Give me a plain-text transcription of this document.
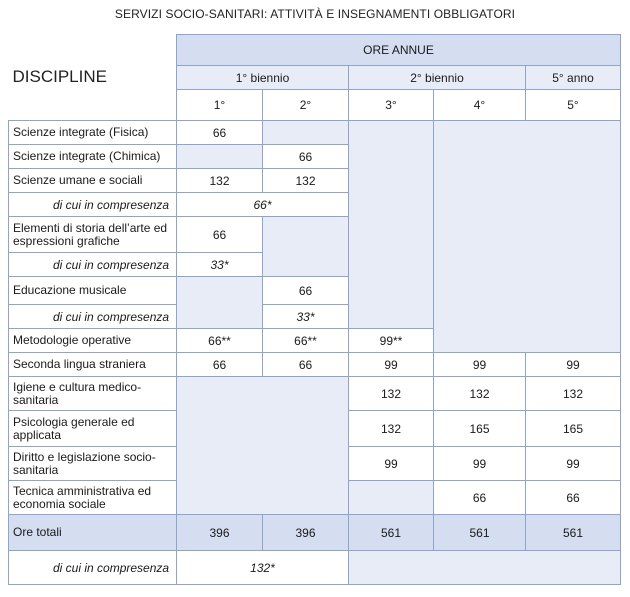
SERVIZI SOCIO-SANITARI: ATTIVITÀ E INSEGNAMENTI OBBLIGATORI
DISCIPLINE	ORE ANNUE				
	1° biennio		2° biennio		5° anno
	1°	2°	3°	4°	5°
Scienze integrate (Fisica)	66				
Scienze integrate (Chimica)		66			
Scienze umane e sociali	132	132			
di cui in compresenza	66*				
Elementi di storia dell’arte ed espressioni grafiche	66				
di cui in compresenza	33*				
Educazione musicale		66			
di cui in compresenza		33*			
Metodologie operative	66**	66**	99**		
Seconda lingua straniera	66	66	99	99	99
Igiene e cultura medico-sanitaria			132	132	132
Psicologia generale ed applicata			132	165	165
Diritto e legislazione socio-sanitaria			99	99	99
Tecnica amministrativa ed economia sociale				66	66
Ore totali	396	396	561	561	561
di cui in compresenza	132*				
